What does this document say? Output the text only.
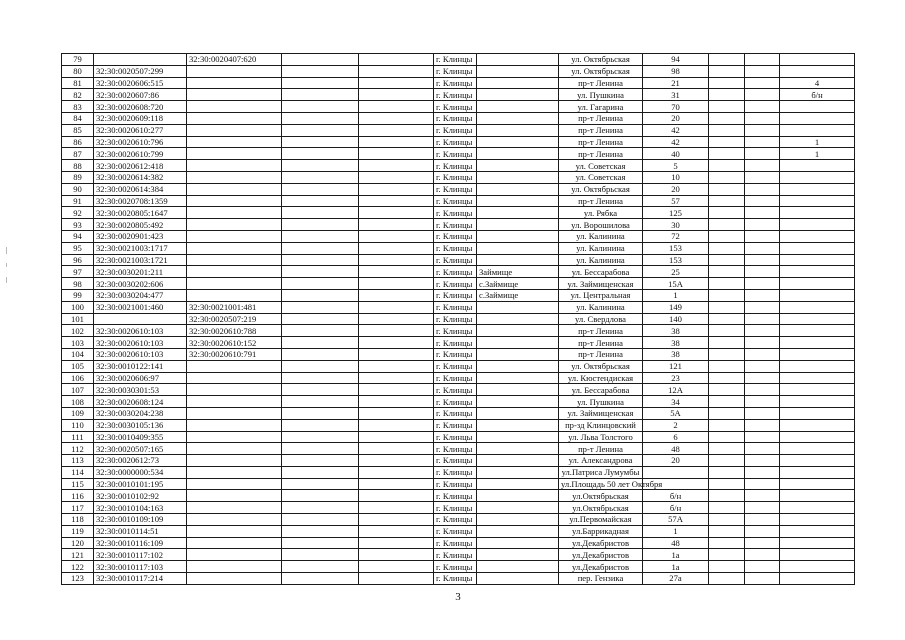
79		32:30:0020407:620			г. Клинцы		ул. Октябрьская	94			
80	32:30:0020507:299				г. Клинцы		ул. Октябрьская	98			
81	32:30:0020606:515				г. Клинцы		пр-т Ленина	21			4
82	32:30:0020607:86				г. Клинцы		ул. Пушкина	31			б/н
83	32:30:0020608:720				г. Клинцы		ул. Гагарина	70			
84	32:30:0020609:118				г. Клинцы		пр-т Ленина	20			
85	32:30:0020610:277				г. Клинцы		пр-т Ленина	42			
86	32:30:0020610:796				г. Клинцы		пр-т Ленина	42			1
87	32:30:0020610:799				г. Клинцы		пр-т Ленина	40			1
88	32:30:0020612:418				г. Клинцы		ул. Советская	5			
89	32:30:0020614:382				г. Клинцы		ул. Советская	10			
90	32:30:0020614:384				г. Клинцы		ул. Октябрьская	20			
91	32:30:0020708:1359				г. Клинцы		пр-т Ленина	57			
92	32:30:0020805:1647				г. Клинцы		ул. Рябка	125			
93	32:30:0020805:492				г. Клинцы		ул. Ворошилова	30			
94	32:30:0020901:423				г. Клинцы		ул. Калинина	72			
95	32:30:0021003:1717				г. Клинцы		ул. Калинина	153			
96	32:30:0021003:1721				г. Клинцы		ул. Калинина	153			
97	32:30:0030201:211				г. Клинцы	Займище	ул. Бессарабова	25			
98	32:30:0030202:606				г. Клинцы	с.Займище	ул. Займищенская	15А			
99	32:30:0030204:477				г. Клинцы	с.Займище	ул. Центральная	1			
100	32:30:0021001:460	32:30:0021001:481			г. Клинцы		ул. Калинина	149			
101		32:30:0020507:219			г. Клинцы		ул. Свердлова	140			
102	32:30:0020610:103	32:30:0020610:788			г. Клинцы		пр-т Ленина	38			
103	32:30:0020610:103	32:30:0020610:152			г. Клинцы		пр-т Ленина	38			
104	32:30:0020610:103	32:30:0020610:791			г. Клинцы		пр-т Ленина	38			
105	32:30:0010122:141				г. Клинцы		ул. Октябрьская	121			
106	32:30:0020606:97				г. Клинцы		ул. Кюстендиская	23			
107	32:30:0030301:53				г. Клинцы		ул. Бессарабова	12А			
108	32:30:0020608:124				г. Клинцы		ул. Пушкина	34			
109	32:30:0030204:238				г. Клинцы		ул. Займищенская	5А			
110	32:30:0030105:136				г. Клинцы		пр-зд Клинцовский	2			
111	32:30:0010409:355				г. Клинцы		ул. Льва Толстого	6			
112	32:30:0020507:165				г. Клинцы		пр-т Ленина	48			
113	32:30:0020612:73				г. Клинцы		ул. Александрова	20			
114	32:30:0000000:534				г. Клинцы		ул.Патриса Лумумбы				
115	32:30:0010101:195				г. Клинцы		ул.Площадь 50 лет Октября				
116	32:30:0010102:92				г. Клинцы		ул.Октябрьская	б/н			
117	32:30:0010104:163				г. Клинцы		ул.Октябрьская	б/н			
118	32:30:0010109:109				г. Клинцы		ул.Первомайская	57А			
119	32:30:0010114:51				г. Клинцы		ул.Баррикадная	1			
120	32:30:0010116:109				г. Клинцы		ул.Декабристов	48			
121	32:30:0010117:102				г. Клинцы		ул.Декабристов	1а			
122	32:30:0010117:103				г. Клинцы		ул.Декабристов	1а			
123	32:30:0010117:214				г. Клинцы		пер. Гензика	27а			
3
